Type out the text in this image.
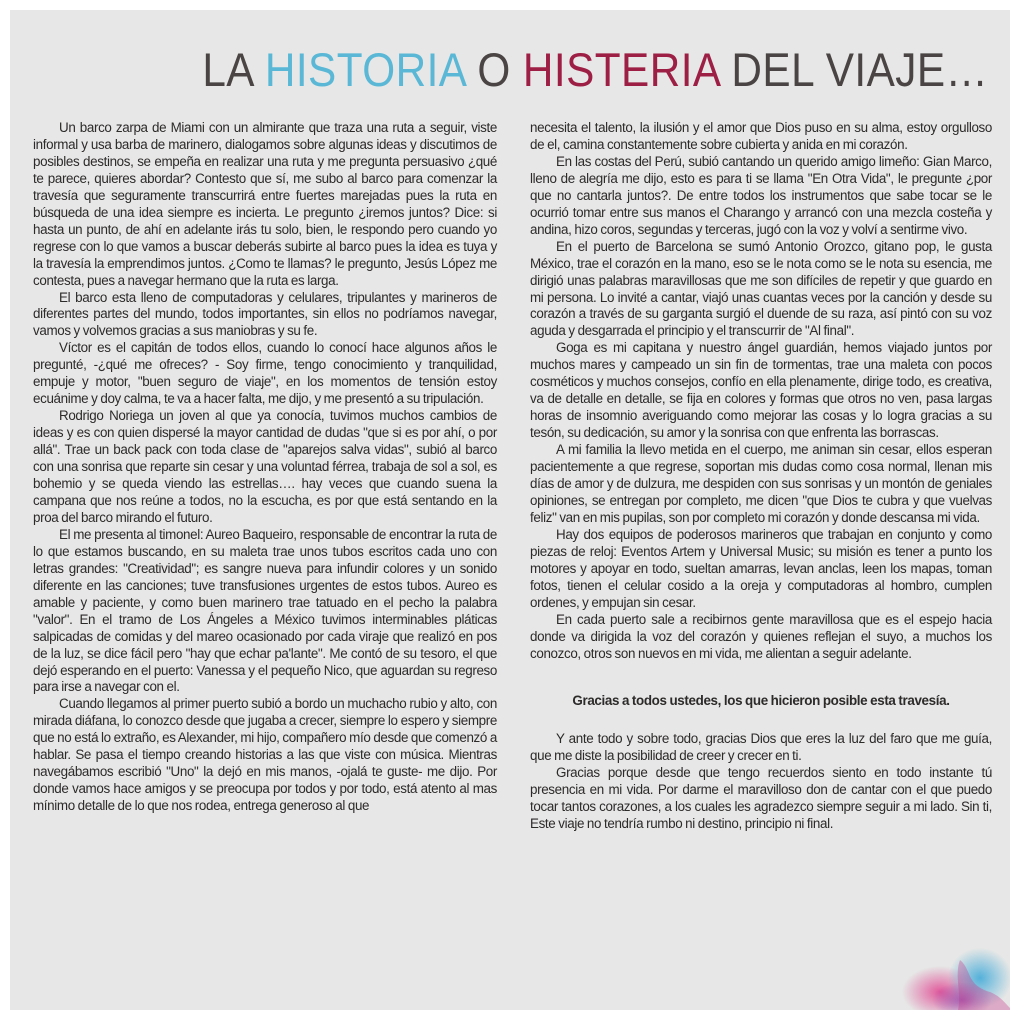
LA HISTORIA O HISTERIA DEL VIAJE…

Un barco zarpa de Miami con un almirante que traza una ruta a seguir, viste informal y usa barba de marinero, dialogamos sobre algunas ideas y discutimos de posibles destinos, se empeña en realizar una ruta y me pregunta persuasivo ¿qué te parece, quieres abordar? Contesto que sí, me subo al barco para comenzar la travesía que seguramente transcurrirá entre fuertes marejadas pues la ruta en búsqueda de una idea siempre es incierta. Le pregunto ¿iremos juntos? Dice: si hasta un punto, de ahí en adelante irás tu solo, bien, le respondo pero cuando yo regrese con lo que vamos a buscar deberás subirte al barco pues la idea es tuya y la travesía la emprendimos juntos. ¿Como te llamas? le pregunto, Jesús López me contesta, pues a navegar hermano que la ruta es larga.

El barco esta lleno de computadoras y celulares, tripulantes y marineros de diferentes partes del mundo, todos importantes, sin ellos no podríamos navegar, vamos y volvemos gracias a sus maniobras y su fe.

Víctor es el capitán de todos ellos, cuando lo conocí hace algunos años le pregunté, -¿qué me ofreces? - Soy firme, tengo conocimiento y tranquilidad, empuje y motor, "buen seguro de viaje", en los momentos de tensión estoy ecuánime y doy calma, te va a hacer falta, me dijo, y me presentó a su tripulación.

Rodrigo Noriega un joven al que ya conocía, tuvimos muchos cambios de ideas y es con quien dispersé la mayor cantidad de dudas "que si es por ahí, o por allá". Trae un back pack con toda clase de "aparejos salva vidas", subió al barco con una sonrisa que reparte sin cesar y una voluntad férrea, trabaja de sol a sol, es bohemio y se queda viendo las estrellas…. hay veces que cuando suena la campana que nos reúne a todos, no la escucha, es por que está sentando en la proa del barco mirando el futuro.

El me presenta al timonel: Aureo Baqueiro, responsable de encontrar la ruta de lo que estamos buscando, en su maleta trae unos tubos escritos cada uno con letras grandes: "Creatividad"; es sangre nueva para infundir colores y un sonido diferente en las canciones; tuve transfusiones urgentes de estos tubos. Aureo es amable y paciente, y como buen marinero trae tatuado en el pecho la palabra "valor". En el tramo de Los Ángeles a México tuvimos interminables pláticas salpicadas de comidas y del mareo ocasionado por cada viraje que realizó en pos de la luz, se dice fácil pero "hay que echar pa'lante". Me contó de su tesoro, el que dejó esperando en el puerto: Vanessa y el pequeño Nico, que aguardan su regreso para irse a navegar con el.

Cuando llegamos al primer puerto subió a bordo un muchacho rubio y alto, con mirada diáfana, lo conozco desde que jugaba a crecer, siempre lo espero y siempre que no está lo extraño, es Alexander, mi hijo, compañero mío desde que comenzó a hablar. Se pasa el tiempo creando historias a las que viste con música. Mientras navegábamos escribió "Uno" la dejó en mis manos, -ojalá te guste- me dijo. Por donde vamos hace amigos y se preocupa por todos y por todo, está atento al mas mínimo detalle de lo que nos rodea, entrega generoso al que

necesita el talento, la ilusión y el amor que Dios puso en su alma, estoy orgulloso de el, camina constantemente sobre cubierta y anida en mi corazón.

En las costas del Perú, subió cantando un querido amigo limeño: Gian Marco, lleno de alegría me dijo, esto es para ti se llama "En Otra Vida", le pregunte ¿por que no cantarla juntos?. De entre todos los instrumentos que sabe tocar se le ocurrió tomar entre sus manos el Charango y arrancó con una mezcla costeña y andina, hizo coros, segundas y terceras, jugó con la voz y volví a sentirme vivo.

En el puerto de Barcelona se sumó Antonio Orozco, gitano pop, le gusta México, trae el corazón en la mano, eso se le nota como se le nota su esencia, me dirigió unas palabras maravillosas que me son difíciles de repetir y que guardo en mi persona. Lo invité a cantar, viajó unas cuantas veces por la canción y desde su corazón a través de su garganta surgió el duende de su raza, así pintó con su voz aguda y desgarrada el principio y el transcurrir de "Al final".

Goga es mi capitana y nuestro ángel guardián, hemos viajado juntos por muchos mares y campeado un sin fin de tormentas, trae una maleta con pocos cosméticos y muchos consejos, confío en ella plenamente, dirige todo, es creativa, va de detalle en detalle, se fija en colores y formas que otros no ven, pasa largas horas de insomnio averiguando como mejorar las cosas y lo logra gracias a su tesón, su dedicación, su amor y la sonrisa con que enfrenta las borrascas.

A mi familia la llevo metida en el cuerpo, me animan sin cesar, ellos esperan pacientemente a que regrese, soportan mis dudas como cosa normal, llenan mis días de amor y de dulzura, me despiden con sus sonrisas y un montón de geniales opiniones, se entregan por completo, me dicen "que Dios te cubra y que vuelvas feliz" van en mis pupilas, son por completo mi corazón y donde descansa mi vida.

Hay dos equipos de poderosos marineros que trabajan en conjunto y como piezas de reloj: Eventos Artem y Universal Music; su misión es tener a punto los motores y apoyar en todo, sueltan amarras, levan anclas, leen los mapas, toman fotos, tienen el celular cosido a la oreja y computadoras al hombro, cumplen ordenes, y empujan sin cesar.

En cada puerto sale a recibirnos gente maravillosa que es el espejo hacia donde va dirigida la voz del corazón y quienes reflejan el suyo, a muchos los conozco, otros son nuevos en mi vida, me alientan a seguir adelante.

Gracias a todos ustedes, los que hicieron posible esta travesía.

Y ante todo y sobre todo, gracias Dios que eres la luz del faro que me guía, que me diste la posibilidad de creer y crecer en ti.

Gracias porque desde que tengo recuerdos siento en todo instante tú presencia en mi vida. Por darme el maravilloso don de cantar con el que puedo tocar tantos corazones, a los cuales les agradezco siempre seguir a mi lado. Sin ti, Este viaje no tendría rumbo ni destino, principio ni final.
